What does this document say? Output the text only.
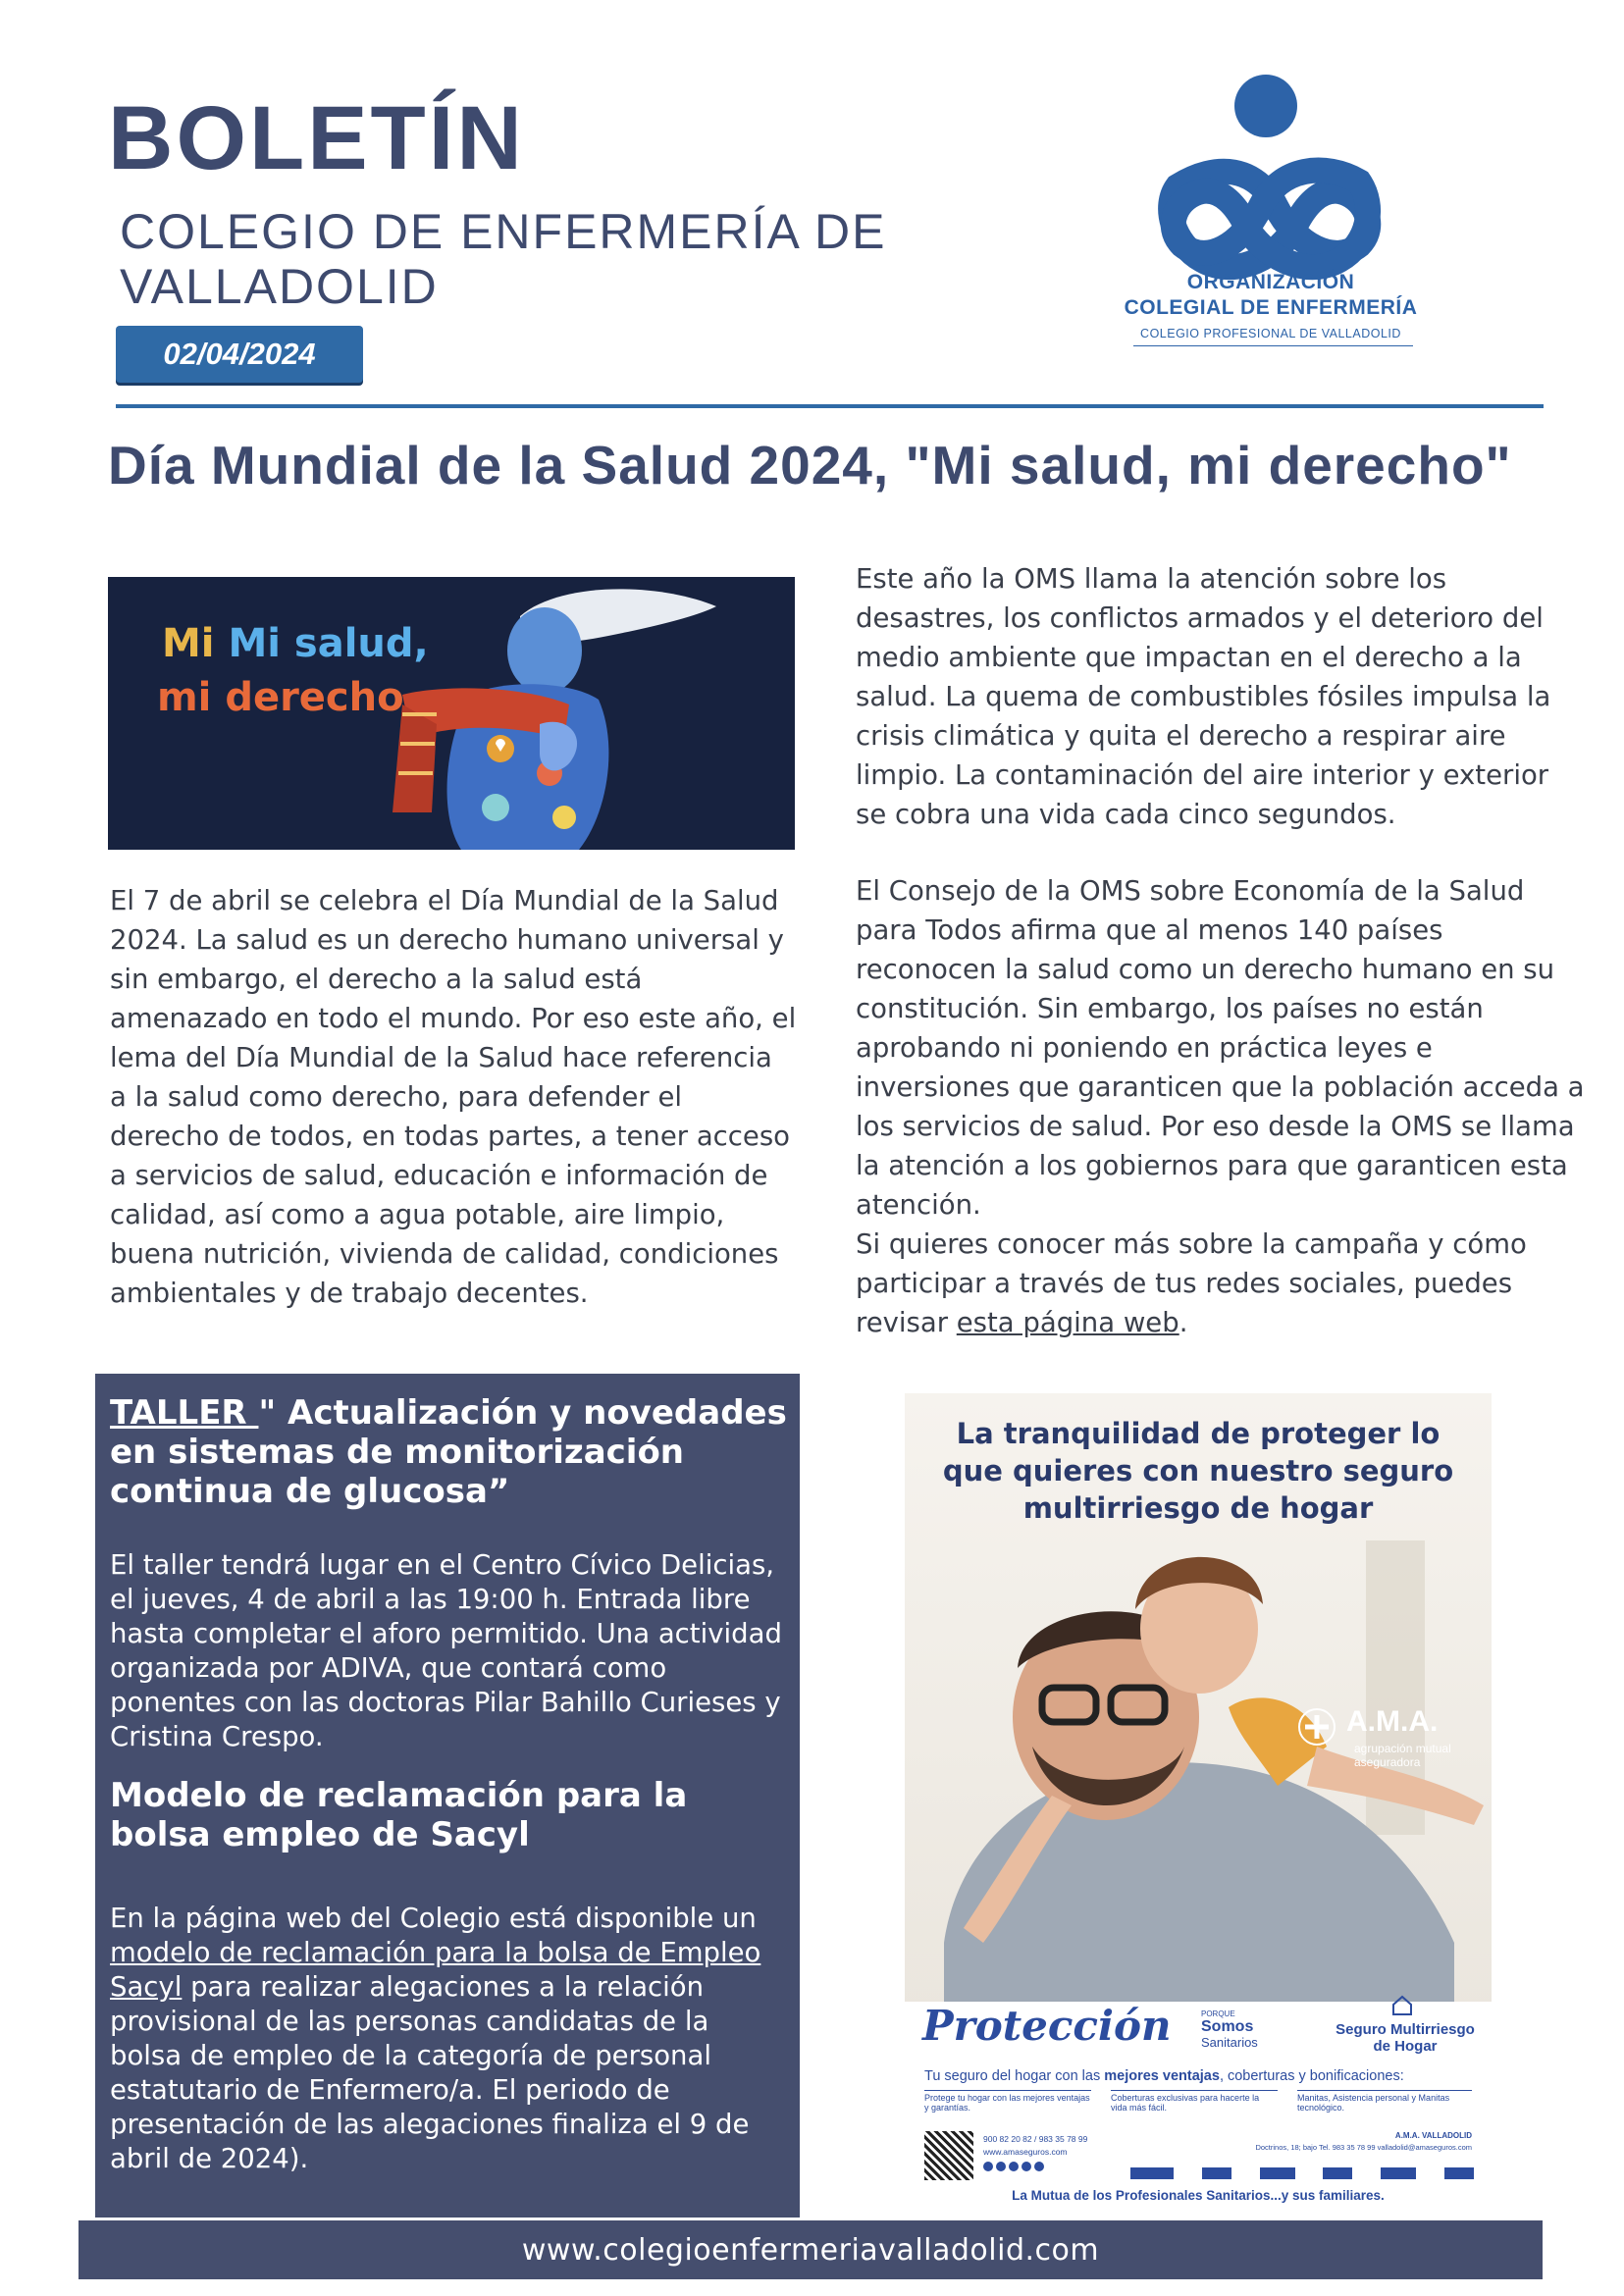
BOLETÍN
COLEGIO DE ENFERMERÍA DE VALLADOLID
02/04/2024
ORGANIZACIÓN
COLEGIAL DE ENFERMERÍA
COLEGIO PROFESIONAL DE VALLADOLID
Día Mundial de la Salud 2024, "Mi salud, mi derecho"
Mi Mi salud,
mi derecho

El 7 de abril se celebra el Día Mundial de la Salud 2024. La salud es un derecho humano universal y sin embargo, el derecho a la salud está amenazado en todo el mundo. Por eso este año, el lema del Día Mundial de la Salud hace referencia a la salud como derecho, para defender el derecho de todos, en todas partes, a tener acceso a servicios de salud, educación e información de calidad, así como a agua potable, aire limpio, buena nutrición, vivienda de calidad, condiciones ambientales y de trabajo decentes.

Este año la OMS llama la atención sobre los desastres, los conflictos armados y el deterioro del medio ambiente que impactan en el derecho a la salud. La quema de combustibles fósiles impulsa la crisis climática y quita el derecho a respirar aire limpio. La contaminación del aire interior y exterior se cobra una vida cada cinco segundos.

El Consejo de la OMS sobre Economía de la Salud para Todos afirma que al menos 140 países reconocen la salud como un derecho humano en su constitución. Sin embargo, los países no están aprobando ni poniendo en práctica leyes e inversiones que garanticen que la población acceda a los servicios de salud. Por eso desde la OMS se llama la atención a los gobiernos para que garanticen esta atención.

Si quieres conocer más sobre la campaña y cómo participar a través de tus redes sociales, puedes revisar esta página web.

TALLER " Actualización y novedades en sistemas de monitorización continua de glucosa”
El taller tendrá lugar en el Centro Cívico Delicias, el jueves, 4 de abril a las 19:00 h. Entrada libre hasta completar el aforo permitido. Una actividad organizada por ADIVA, que contará como ponentes con las doctoras Pilar Bahillo Curieses y Cristina Crespo.
Modelo de reclamación para la bolsa empleo de Sacyl
En la página web del Colegio está disponible un modelo de reclamación para la bolsa de Empleo Sacyl para realizar alegaciones a la relación provisional de las personas candidatas de la bolsa de empleo de la categoría de personal estatutario de Enfermero/a. El periodo de presentación de las alegaciones finaliza el 9 de abril de 2024).
La tranquilidad de proteger lo que quieres con nuestro seguro multirriesgo de hogar
A.M.A.
agrupación mutual aseguradora
Protección	PORQUE
Somos
Sanitarios
Seguro Multirriesgo
de Hogar
Tu seguro del hogar con las mejores ventajas, coberturas y bonificaciones:
Protege tu hogar con las mejores ventajas y garantías.
Coberturas exclusivas para hacerte la vida más fácil.
Manitas, Asistencia personal y Manitas tecnológico.
900 82 20 82 / 983 35 78 99
www.amaseguros.com
A.M.A. VALLADOLID
Doctrinos, 18; bajo Tel. 983 35 78 99 valladolid@amaseguros.com
La Mutua de los Profesionales Sanitarios...y sus familiares.
www.colegioenfermeriavalladolid.com
